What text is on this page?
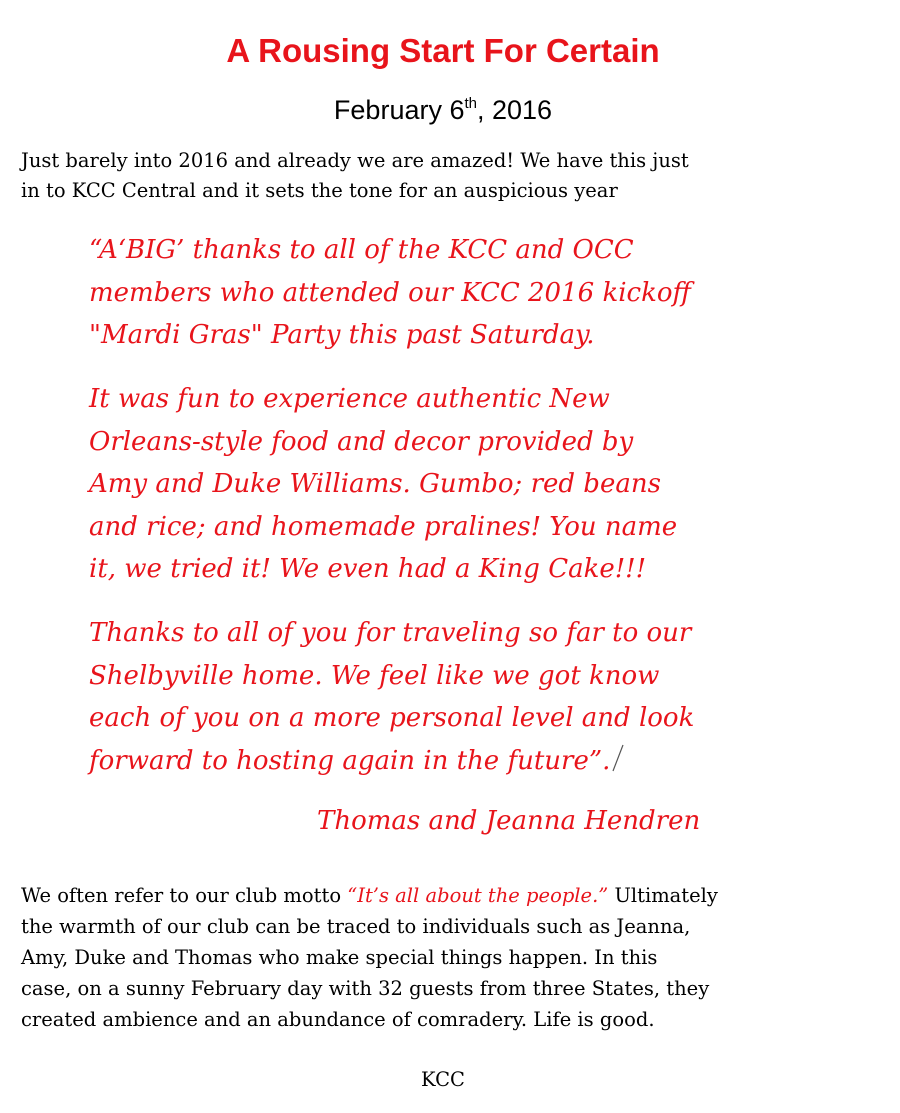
A Rousing Start For Certain

February 6th, 2016

Just barely into 2016 and already we are amazed! We have this just
in to KCC Central and it sets the tone for an auspicious year

“A‘BIG’ thanks to all of the KCC and OCC
members who attended our KCC 2016 kickoff
"Mardi Gras" Party this past Saturday.

It was fun to experience authentic New
Orleans-style food and decor provided by
Amy and Duke Williams. Gumbo; red beans
and rice; and homemade pralines! You name
it, we tried it! We even had a King Cake!!!

Thanks to all of you for traveling so far to our
Shelbyville home. We feel like we got know
each of you on a more personal level and look
forward to hosting again in the future”.

Thomas and Jeanna Hendren

We often refer to our club motto “It’s all about the people.” Ultimately
the warmth of our club can be traced to individuals such as Jeanna,
Amy, Duke and Thomas who make special things happen. In this
case, on a sunny February day with 32 guests from three States, they
created ambience and an abundance of comradery. Life is good.

KCC
